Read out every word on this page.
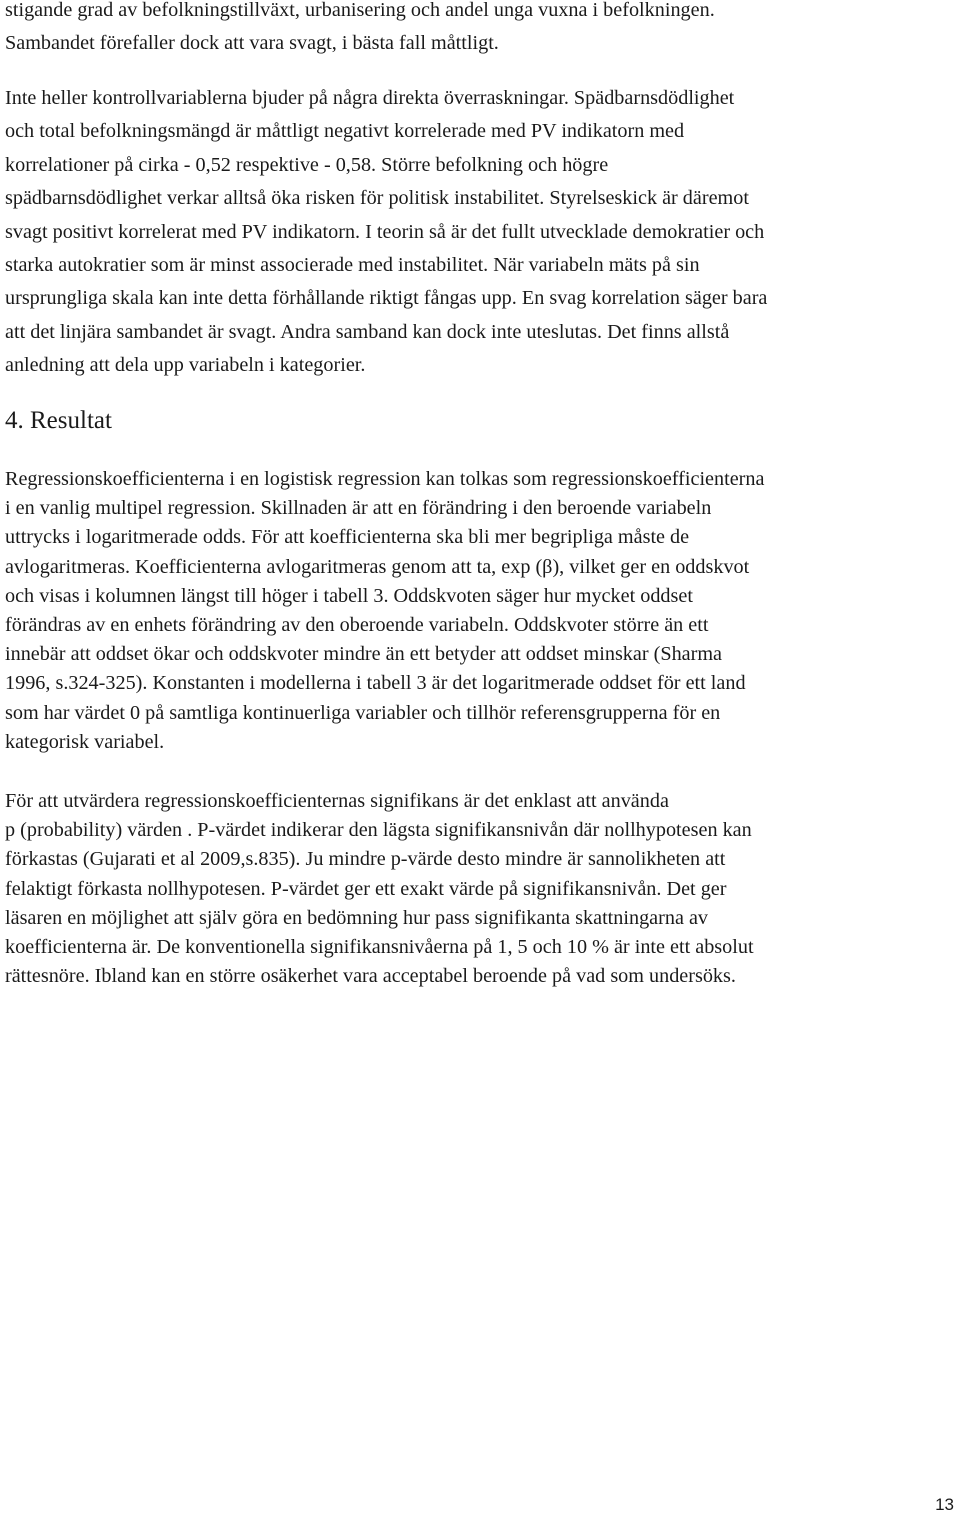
stigande grad av befolkningstillväxt, urbanisering och andel unga vuxna i befolkningen.
Sambandet förefaller dock att vara svagt, i bästa fall måttligt.

Inte heller kontrollvariablerna bjuder på några direkta överraskningar. Spädbarnsdödlighet
och total befolkningsmängd är måttligt negativt korrelerade med PV indikatorn med
korrelationer på cirka - 0,52 respektive - 0,58. Större befolkning och högre
spädbarnsdödlighet verkar alltså öka risken för politisk instabilitet. Styrelseskick är däremot
svagt positivt korrelerat med PV indikatorn. I teorin så är det fullt utvecklade demokratier och
starka autokratier som är minst associerade med instabilitet. När variabeln mäts på sin
ursprungliga skala kan inte detta förhållande riktigt fångas upp. En svag korrelation säger bara
att det linjära sambandet är svagt. Andra samband kan dock inte uteslutas. Det finns allstå
anledning att dela upp variabeln i kategorier.

4. Resultat

Regressionskoefficienterna i en logistisk regression kan tolkas som regressionskoefficienterna
i en vanlig multipel regression. Skillnaden är att en förändring i den beroende variabeln
uttrycks i logaritmerade odds. För att koefficienterna ska bli mer begripliga måste de
avlogaritmeras. Koefficienterna avlogaritmeras genom att ta, exp (β), vilket ger en oddskvot
och visas i kolumnen längst till höger i tabell 3. Oddskvoten säger hur mycket oddset
förändras av en enhets förändring av den oberoende variabeln. Oddskvoter större än ett
innebär att oddset ökar och oddskvoter mindre än ett betyder att oddset minskar (Sharma
1996, s.324-325). Konstanten i modellerna i tabell 3 är det logaritmerade oddset för ett land
som har värdet 0 på samtliga kontinuerliga variabler och tillhör referensgrupperna för en
kategorisk variabel.

För att utvärdera regressionskoefficienternas signifikans är det enklast att använda
p (probability) värden . P-värdet indikerar den lägsta signifikansnivån där nollhypotesen kan
förkastas (Gujarati et al 2009,s.835). Ju mindre p-värde desto mindre är sannolikheten att
felaktigt förkasta nollhypotesen. P-värdet ger ett exakt värde på signifikansnivån. Det ger
läsaren en möjlighet att själv göra en bedömning hur pass signifikanta skattningarna av
koefficienterna är. De konventionella signifikansnivåerna på 1, 5 och 10 % är inte ett absolut
rättesnöre. Ibland kan en större osäkerhet vara acceptabel beroende på vad som undersöks.

13
